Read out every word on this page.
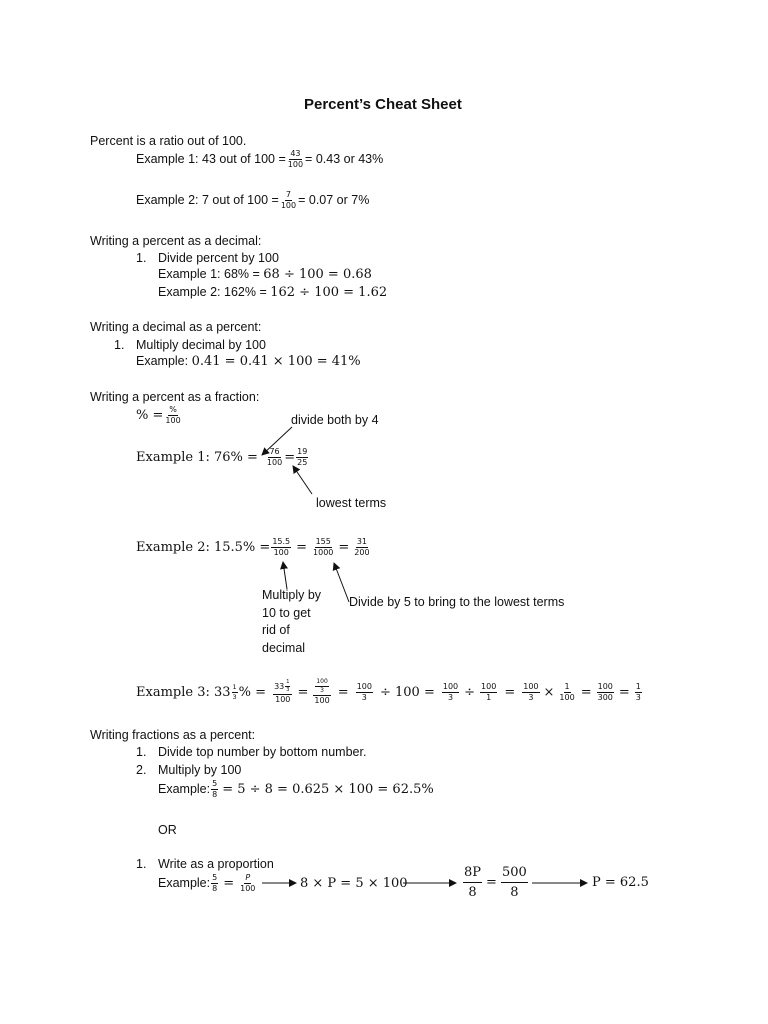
Percent’s Cheat Sheet
Percent is a ratio out of 100.
Example 1: 43 out of $100 = \frac{43}{100} = 0.43$ or 43%
Example 2: 7 out of $100 = \frac{7}{100} = 0.07$ or 7%
Writing a percent as a decimal:
1. Divide percent by 100
Example 1: 68% = 68 ÷ 100 = 0.68
Example 2: 162% = 162 ÷ 100 = 1.62
Writing a decimal as a percent:
1. Multiply decimal by 100
Example: 0.41 = 0.41 × 100 = 41%
Writing a percent as a fraction:
% = $\frac{\%}{100}$	divide both by 4
Example 1: $76\% = \frac{76}{100} = \frac{19}{25}$
lowest terms
Example 2: $15.5\% = \frac{15.5}{100} = \frac{155}{1000} = \frac{31}{200}$
Multiply by 10 to get rid of decimal
Divide by 5 to bring to the lowest terms
Example 3: $33 \frac{1}{3}$ % = $\frac{33 \frac{1}{3}}{100} = \frac{\frac{100}{3}}{100} = \frac{100}{3} \div 100 = \frac{100}{3} \div \frac{100}{1} = \frac{100}{3} \times \frac{1}{100} = \frac{100}{300} = \frac{1}{3}$
Writing fractions as a percent:
1. Divide top number by bottom number.
2. Multiply by 100
Example: $\frac{5}{8} = 5 \div 8 = 0.625 \times 100 = 62.5\%$
OR
1. Write as a proportion
Example: $\frac{5}{8} = \frac{P}{100}$	8 × P = 5 × 100	$\frac{8P}{8} = \frac{500}{8}$	P = 62.5
